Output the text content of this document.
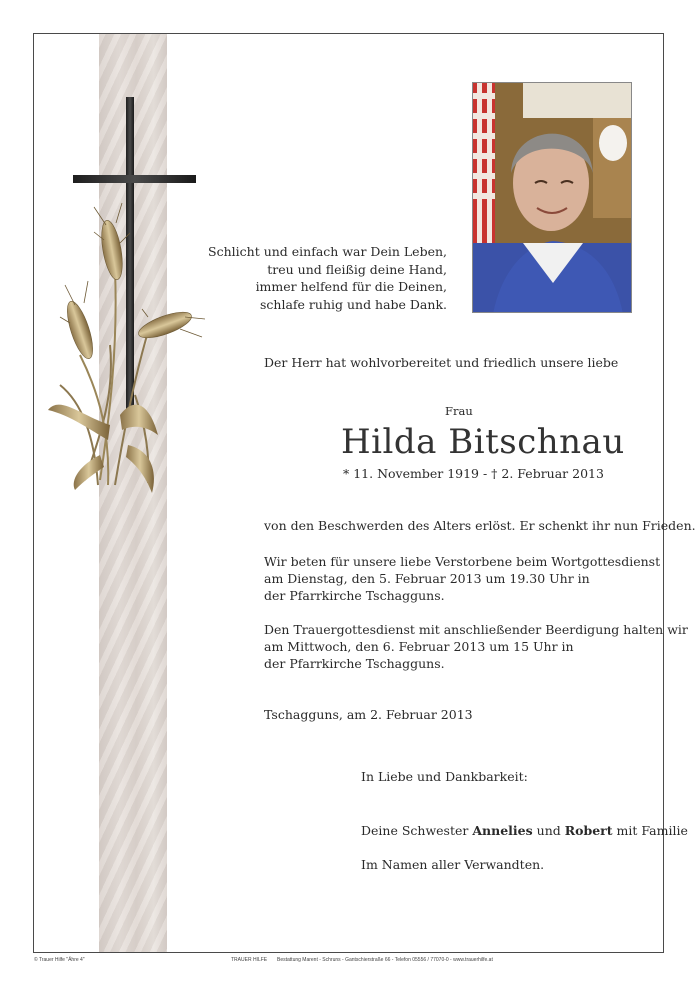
Schlicht und einfach war Dein Leben,
treu und fleißig deine Hand,
immer helfend für die Deinen,
schlafe ruhig und habe Dank.
Der Herr hat wohlvorbereitet und friedlich unsere liebe
Frau
Hilda Bitschnau
* 11. November 1919 - † 2. Februar 2013
von den Beschwerden des Alters erlöst. Er schenkt ihr nun Frieden.
Wir beten für unsere liebe Verstorbene beim Wortgottesdienst
am Dienstag, den 5. Februar 2013 um 19.30 Uhr in
der Pfarrkirche Tschagguns.
Den Trauergottesdienst mit anschließender Beerdigung halten wir
am Mittwoch, den 6. Februar 2013 um 15 Uhr in
der Pfarrkirche Tschagguns.
Tschagguns, am 2. Februar 2013
In Liebe und Dankbarkeit:
Deine Schwester Annelies und Robert mit Familie
Im Namen aller Verwandten.
© Trauer Hilfe "Ähre 4"	TRAUER HILFE Bestattung Marent - Schruns - Gantschierstraße 66 - Telefon 05556 / 77070-0 - www.trauerhilfe.at
